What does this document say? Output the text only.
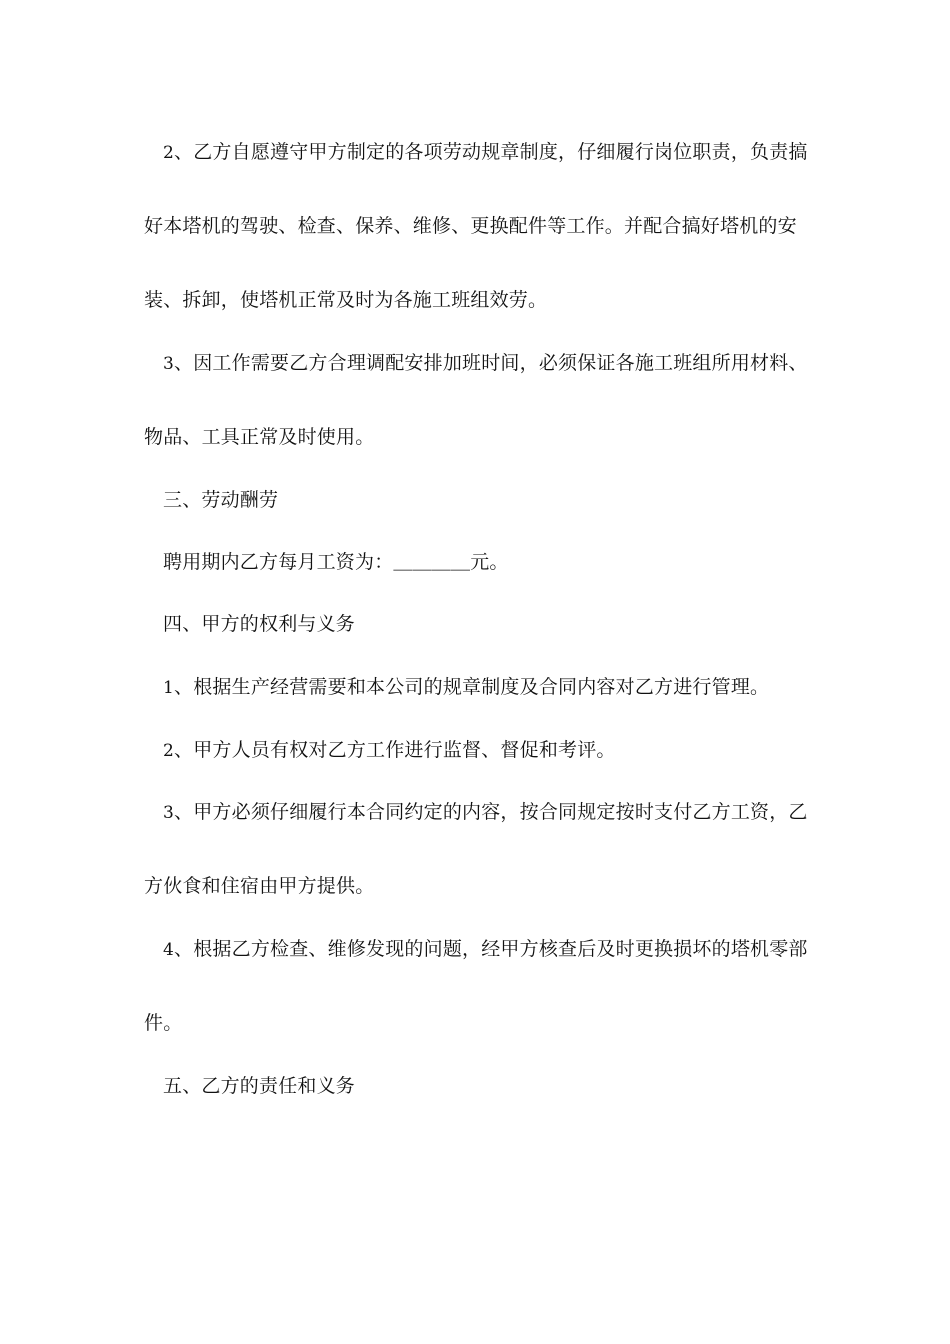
2、乙方自愿遵守甲方制定的各项劳动规章制度，仔细履行岗位职责，负责搞
好本塔机的驾驶、检查、保养、维修、更换配件等工作。并配合搞好塔机的安
装、拆卸，使塔机正常及时为各施工班组效劳。
3、因工作需要乙方合理调配安排加班时间，必须保证各施工班组所用材料、
物品、工具正常及时使用。
三、劳动酬劳
聘用期内乙方每月工资为：＿＿＿＿元。
四、甲方的权利与义务
1、根据生产经营需要和本公司的规章制度及合同内容对乙方进行管理。
2、甲方人员有权对乙方工作进行监督、督促和考评。
3、甲方必须仔细履行本合同约定的内容，按合同规定按时支付乙方工资，乙
方伙食和住宿由甲方提供。
4、根据乙方检查、维修发现的问题，经甲方核查后及时更换损坏的塔机零部
件。
五、乙方的责任和义务
